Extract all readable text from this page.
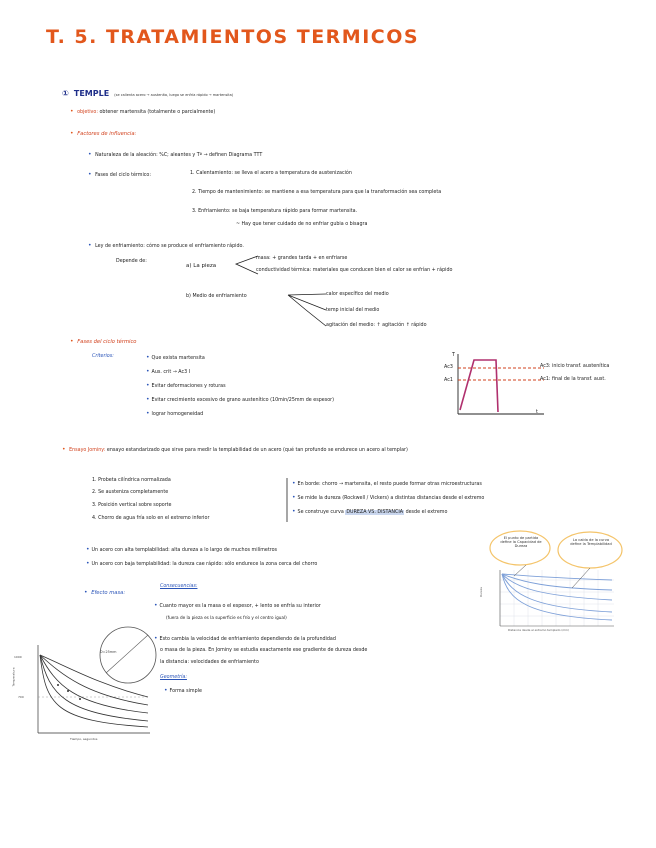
T. 5. TRATAMIENTOS TERMICOS
① TEMPLE (se calienta acero → austenita, luego se enfría rápido → martensita)
• objetivo: obtener martensita (totalmente o parcialmente)
• Factores de influencia:
• Naturaleza de la aleación: %C; aleantes y Tª → definen Diagrama TTT
• Fases del ciclo térmico:	1. Calentamiento: se lleva el acero a temperatura de austenización
2. Tiempo de mantenimiento: se mantiene a esa temperatura para que la transformación sea completa
3. Enfriamiento: se baja temperatura rápido para formar martensita.
~ Hay que tener cuidado de no enfriar gubia o bisagra
• Ley de enfriamiento: cómo se produce el enfriamiento rápido.
Depende de:
a) La pieza
masa: + grandes tarda + en enfriarse
conductividad térmica: materiales que conducen bien el calor se enfrían + rápido
b) Medio de enfriamiento	calor específico del medio
temp inicial del medio
agitación del medio: ↑ agitación ↑ rápido
• Fases del ciclo térmico
Criterios:	• Que exista martensita
• Aus. crit → Ac3 I
• Evitar deformaciones y roturas
• Evitar crecimiento excesivo de grano austenítico (10min/25mm de espesor)
• lograr homogeneidad
T
t
Ac3
Ac1
Ac3: inicio transf. austenítica
Ac1: final de la transf. aust.
• Ensayo Jominy: ensayo estandarizado que sirve para medir la templabilidad de un acero (qué tan profundo se endurece un acero al templar)
1. Probeta cilíndrica normalizada
2. Se austeniza completamente
3. Posición vertical sobre soporte
4. Chorro de agua fría solo en el extremo inferior
• En borde: chorro → martensita, el resto puede formar otras microestructuras
• Se mide la dureza (Rockwell / Vickers) a distintas distancias desde el extremo
• Se construye curva DUREZA VS. DISTANCIA desde el extremo
• Un acero con alta templabilidad: alta dureza a lo largo de muchos milímetros
• Un acero con baja templabilidad: la dureza cae rápido: sólo endurece la zona cerca del chorro
El punto de partida define la Capacidad de Dureza
La caída de la curva define la Templabilidad
Distancia desde el extremo templado (mm)
Dureza
• Efecto masa:
Consecuencias:
• Cuanto mayor es la masa o el espesor, + lento se enfría su interior
(fuera de la pieza es la superficie es frío y el centro igual)
• Esto cambia la velocidad de enfriamiento dependiendo de la profundidad
o masa de la pieza. En Jominy se estudia exactamente ese gradiente de dureza desde
la distancia: velocidades de enfriamiento
Geometría:
• Forma simple
D=25mm
1000
700
Temperatura
Tiempo, segundos
